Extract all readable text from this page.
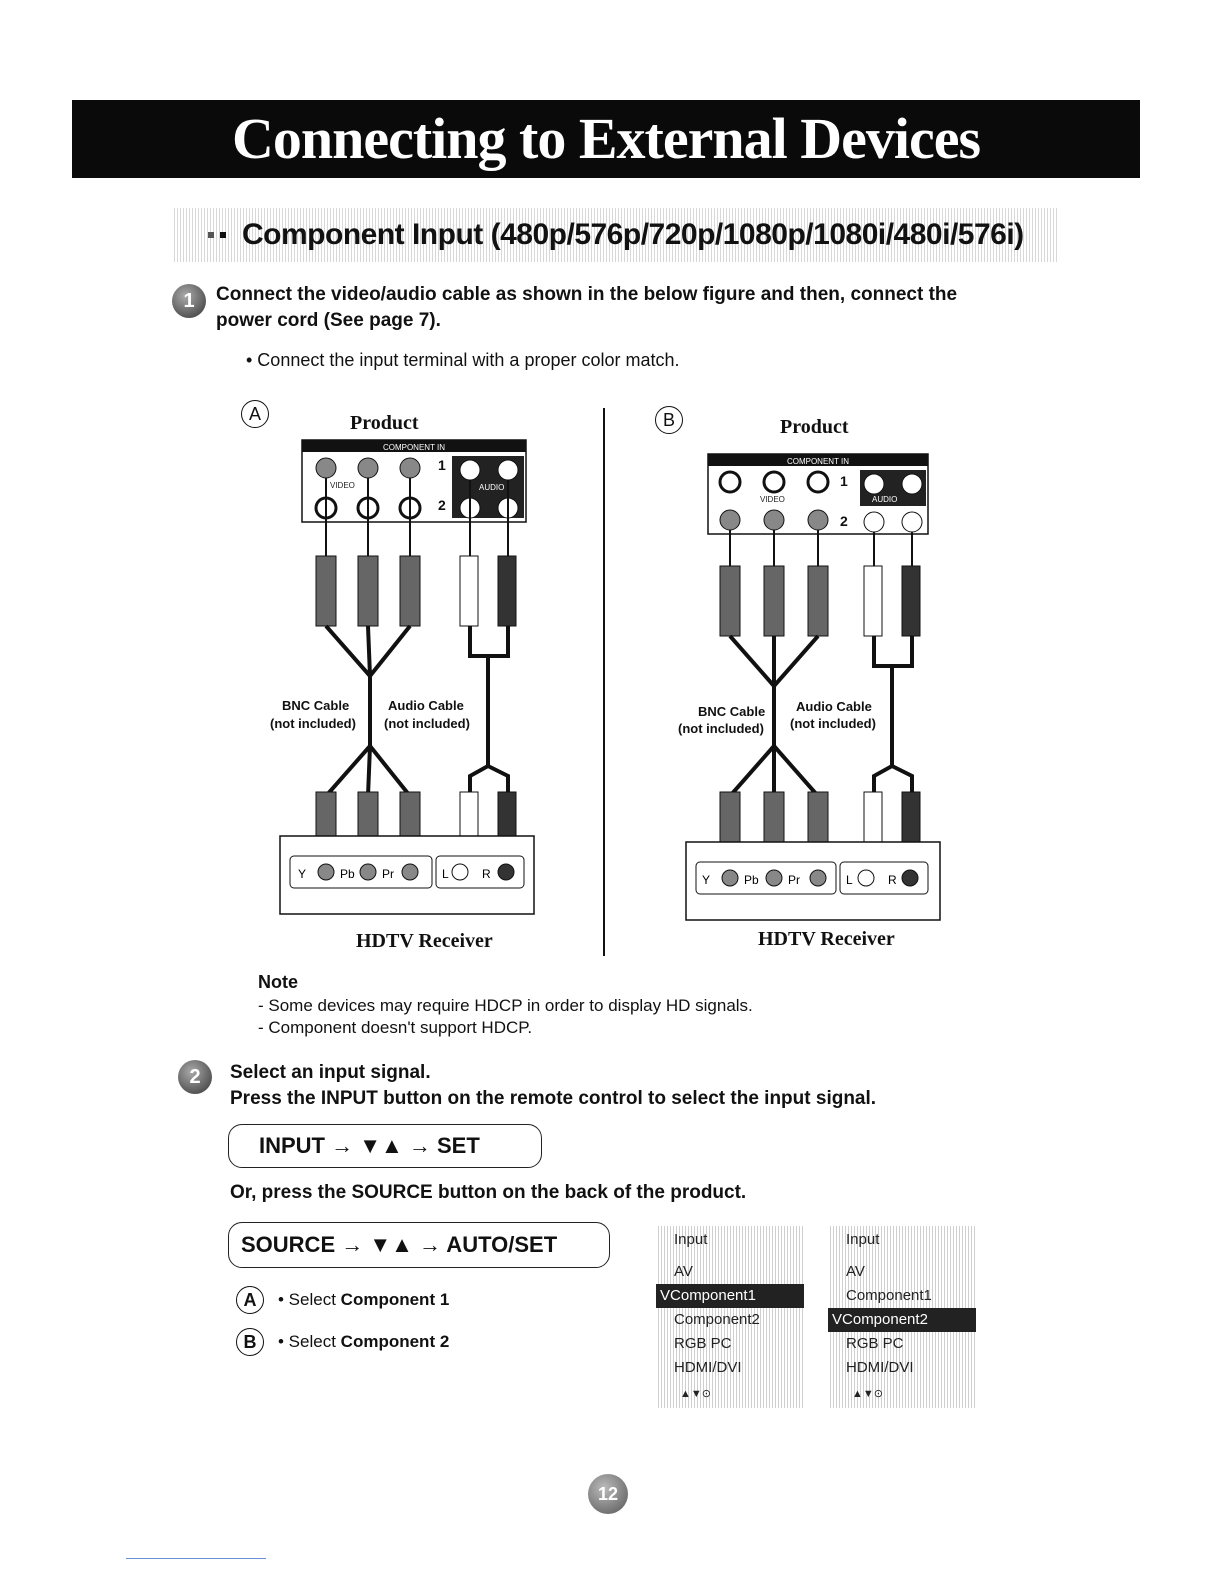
Connecting to External Devices
Component Input (480p/576p/720p/1080p/1080i/480i/576i)
1	Connect the video/audio cable as shown in the below figure and then, connect the
power cord (See page 7).
• Connect the input terminal with a proper color match.
A	Product
COMPONENT IN
AUDIO
VIDEO
1
2
Y	Pb Pr	L	R
BNC Cable
(not included)
Audio Cable
(not included)
HDTV Receiver
B	Product
COMPONENT IN
AUDIO
VIDEO
1
2
Y	Pb Pr	L	R
BNC Cable
(not included)
Audio Cable
(not included)
HDTV Receiver
Note
- Some devices may require HDCP in order to display HD signals.
- Component doesn't support HDCP.
2	Select an input signal.
Press the INPUT button on the remote control to select the input signal.
INPUT → ▼▲ → SET
Or, press the SOURCE button on the back of the product.
SOURCE → ▼▲ → AUTO/SET
A	• Select Component 1
B	• Select Component 2
Input
AV
VComponent1
Component2
RGB PC
HDMI/DVI
▲▼⊙
Input
AV
Component1
VComponent2
RGB PC
HDMI/DVI
▲▼⊙
12
